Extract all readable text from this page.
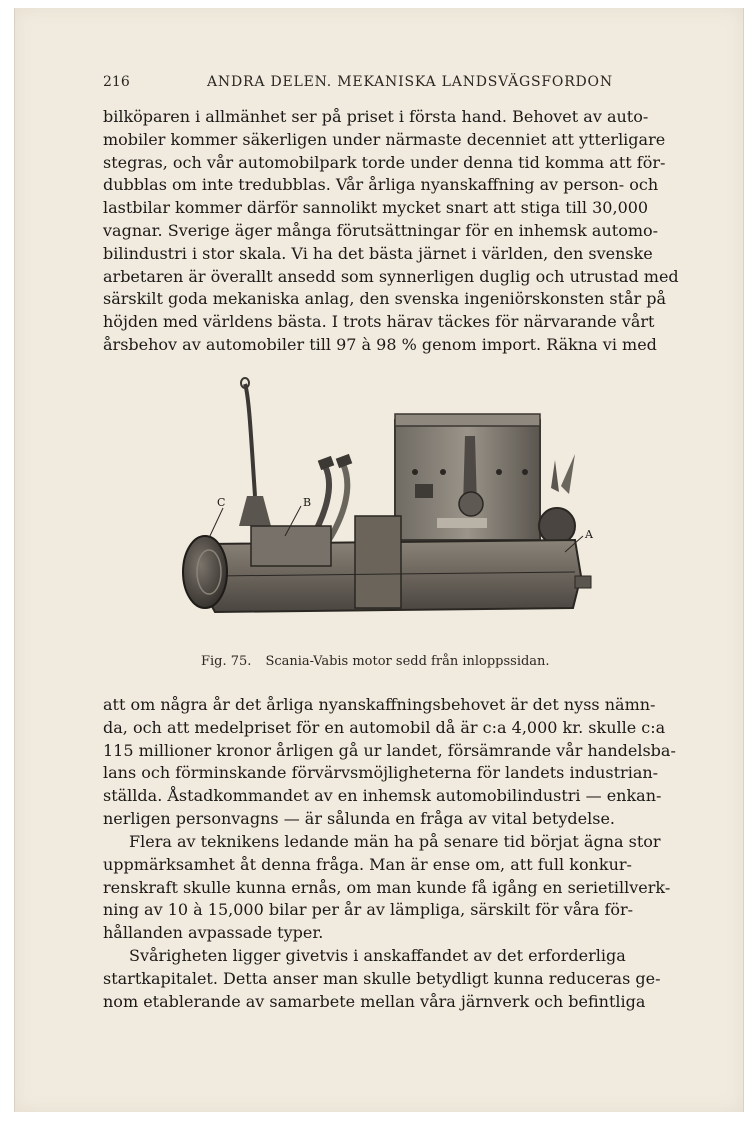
216	ANDRA DELEN. MEKANISKA LANDSVÄGSFORDON
bilköparen i allmänhet ser på priset i första hand. Behovet av auto-
mobiler kommer säkerligen under närmaste decenniet att ytterligare
stegras, och vår automobilpark torde under denna tid komma att för-
dubblas om inte tredubblas. Vår årliga nyanskaffning av person- och
lastbilar kommer därför sannolikt mycket snart att stiga till 30,000
vagnar. Sverige äger många förutsättningar för en inhemsk automo-
bilindustri i stor skala. Vi ha det bästa järnet i världen, den svenske
arbetaren är överallt ansedd som synnerligen duglig och utrustad med
särskilt goda mekaniska anlag, den svenska ingeniörskonsten står på
höjden med världens bästa. I trots härav täckes för närvarande vårt
årsbehov av automobiler till 97 à 98 % genom import. Räkna vi med
C	B
A
Fig. 75. Scania-Vabis motor sedd från inloppssidan.
att om några år det årliga nyanskaffningsbehovet är det nyss nämn-
da, och att medelpriset för en automobil då är c:a 4,000 kr. skulle c:a
115 millioner kronor årligen gå ur landet, försämrande vår handelsba-
lans och förminskande förvärvsmöjligheterna för landets industrian-
ställda. Åstadkommandet av en inhemsk automobilindustri — enkan-
nerligen personvagns — är sålunda en fråga av vital betydelse.
Flera av teknikens ledande män ha på senare tid börjat ägna stor
uppmärksamhet åt denna fråga. Man är ense om, att full konkur-
renskraft skulle kunna ernås, om man kunde få igång en serietillverk-
ning av 10 à 15,000 bilar per år av lämpliga, särskilt för våra för-
hållanden avpassade typer.
Svårigheten ligger givetvis i anskaffandet av det erforderliga
startkapitalet. Detta anser man skulle betydligt kunna reduceras ge-
nom etablerande av samarbete mellan våra järnverk och befintliga
